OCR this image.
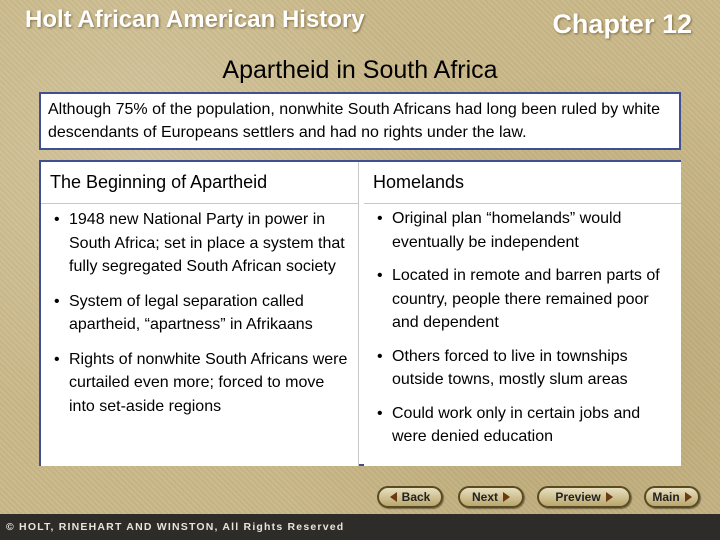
Holt African American History	Chapter 12
Apartheid in South Africa
Although 75% of the population, nonwhite South Africans had long been ruled by white descendants of Europeans settlers and had no rights under the law.
The Beginning of Apartheid
• 1948 new National Party in power in South Africa; set in place a system that fully segregated South African society
• System of legal separation called apartheid, “apartness” in Afrikaans
• Rights of nonwhite South Africans were curtailed even more; forced to move into set-aside regions
Homelands
• Original plan “homelands” would eventually be independent
• Located in remote and barren parts of country, people there remained poor and dependent
• Others forced to live in townships outside towns, mostly slum areas
• Could work only in certain jobs and were denied education
Back	Next	Preview	Main
© HOLT, RINEHART AND WINSTON, All Rights Reserved
